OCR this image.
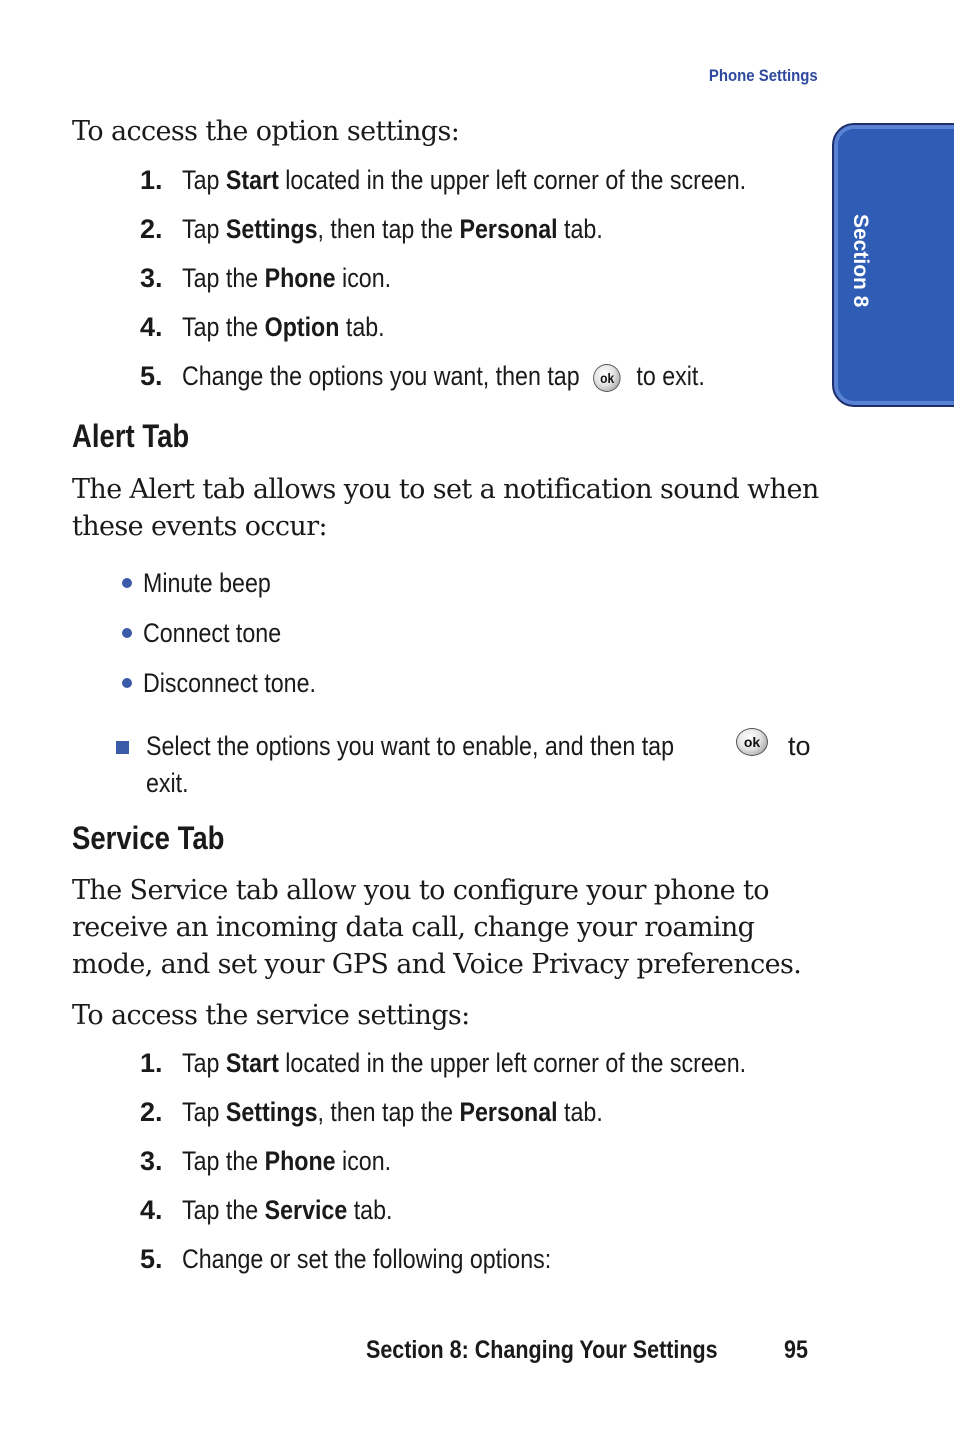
Phone Settings
Section 8

To access the option settings:

1. Tap Start located in the upper left corner of the screen.
2. Tap Settings, then tap the Personal tab.
3. Tap the Phone icon.
4. Tap the Option tab.
5. Change the options you want, then tap ok to exit.
Alert Tab

The Alert tab allows you to set a notification sound when
these events occur:

Minute beep
Connect tone
Disconnect tone.
Select the options you want to enable, and then tap	ok to
exit.
Service Tab

The Service tab allow you to configure your phone to
receive an incoming data call, change your roaming
mode, and set your GPS and Voice Privacy preferences.

To access the service settings:

1. Tap Start located in the upper left corner of the screen.
2. Tap Settings, then tap the Personal tab.
3. Tap the Phone icon.
4. Tap the Service tab.
5. Change or set the following options:
Section 8: Changing Your Settings	95
